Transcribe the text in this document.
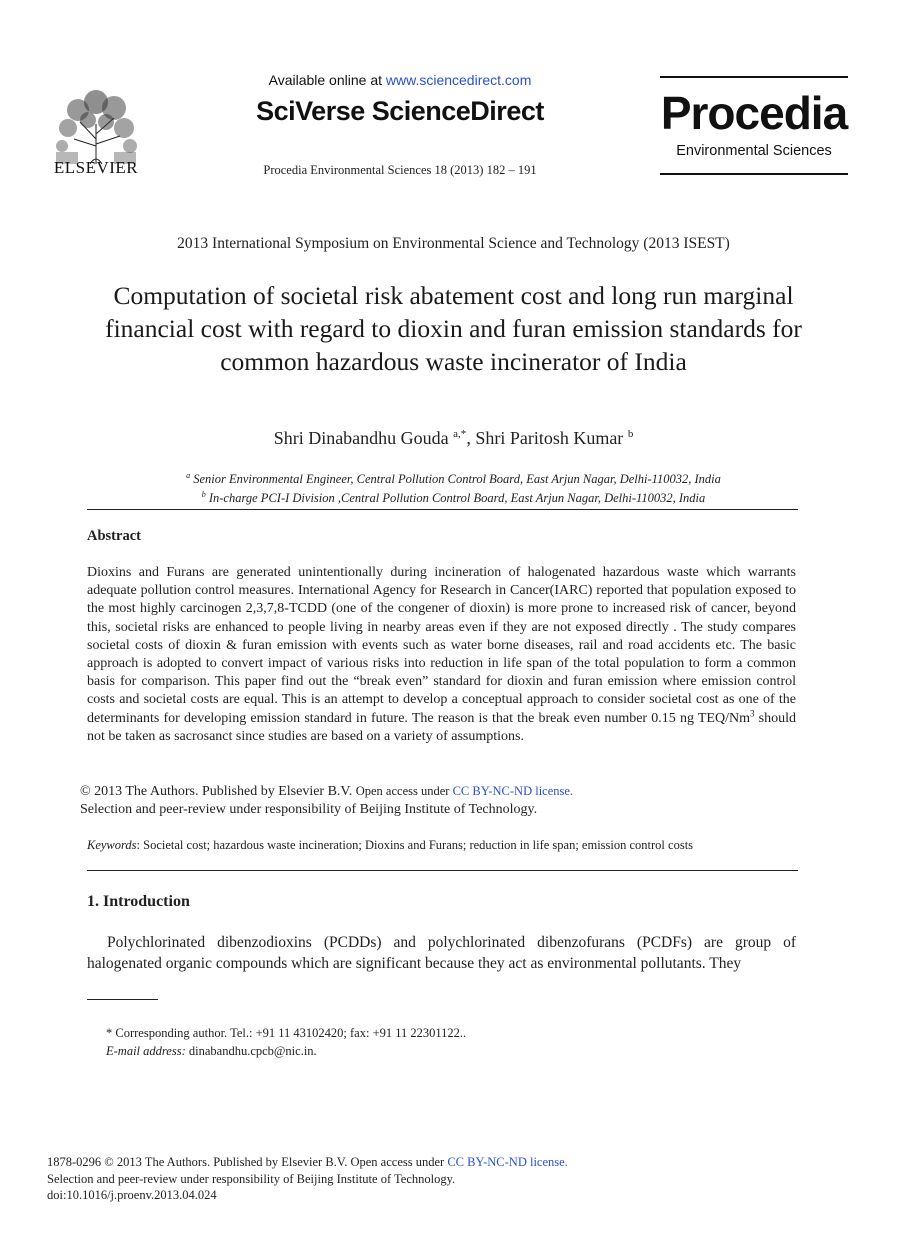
ELSEVIER
Available online at www.sciencedirect.com
SciVerse ScienceDirect
Procedia Environmental Sciences 18 (2013) 182 – 191
Procedia
Environmental Sciences
2013 International Symposium on Environmental Science and Technology (2013 ISEST)
Computation of societal risk abatement cost and long run marginal financial cost with regard to dioxin and furan emission standards for common hazardous waste incinerator of India
Shri Dinabandhu Gouda $^{a,*}$, Shri Paritosh Kumar $^b$
$^a$ Senior Environmental Engineer, Central Pollution Control Board, East Arjun Nagar, Delhi-110032, India
$^b$ In-charge PCI-I Division ,Central Pollution Control Board, East Arjun Nagar, Delhi-110032, India
Abstract
Dioxins and Furans are generated unintentionally during incineration of halogenated hazardous waste which warrants adequate pollution control measures. International Agency for Research in Cancer(IARC) reported that population exposed to the most highly carcinogen 2,3,7,8-TCDD (one of the congener of dioxin) is more prone to increased risk of cancer, beyond this, societal risks are enhanced to people living in nearby areas even if they are not exposed directly . The study compares societal costs of dioxin & furan emission with events such as water borne diseases, rail and road accidents etc. The basic approach is adopted to convert impact of various risks into reduction in life span of the total population to form a common basis for comparison. This paper find out the “break even” standard for dioxin and furan emission where emission control costs and societal costs are equal. This is an attempt to develop a conceptual approach to consider societal cost as one of the determinants for developing emission standard in future. The reason is that the break even number 0.15 ng TEQ/Nm$^3$ should not be taken as sacrosanct since studies are based on a variety of assumptions.
© 2013 The Authors. Published by Elsevier B.V. Open access under CC BY-NC-ND license.
Selection and peer-review under responsibility of Beijing Institute of Technology.
Keywords: Societal cost; hazardous waste incineration; Dioxins and Furans; reduction in life span; emission control costs
1. Introduction
Polychlorinated dibenzodioxins (PCDDs) and polychlorinated dibenzofurans (PCDFs) are group of halogenated organic compounds which are significant because they act as environmental pollutants. They
* Corresponding author. Tel.: +91 11 43102420; fax: +91 11 22301122..
E-mail address: dinabandhu.cpcb@nic.in.
1878-0296 © 2013 The Authors. Published by Elsevier B.V. Open access under CC BY-NC-ND license.
Selection and peer-review under responsibility of Beijing Institute of Technology.
doi:10.1016/j.proenv.2013.04.024
